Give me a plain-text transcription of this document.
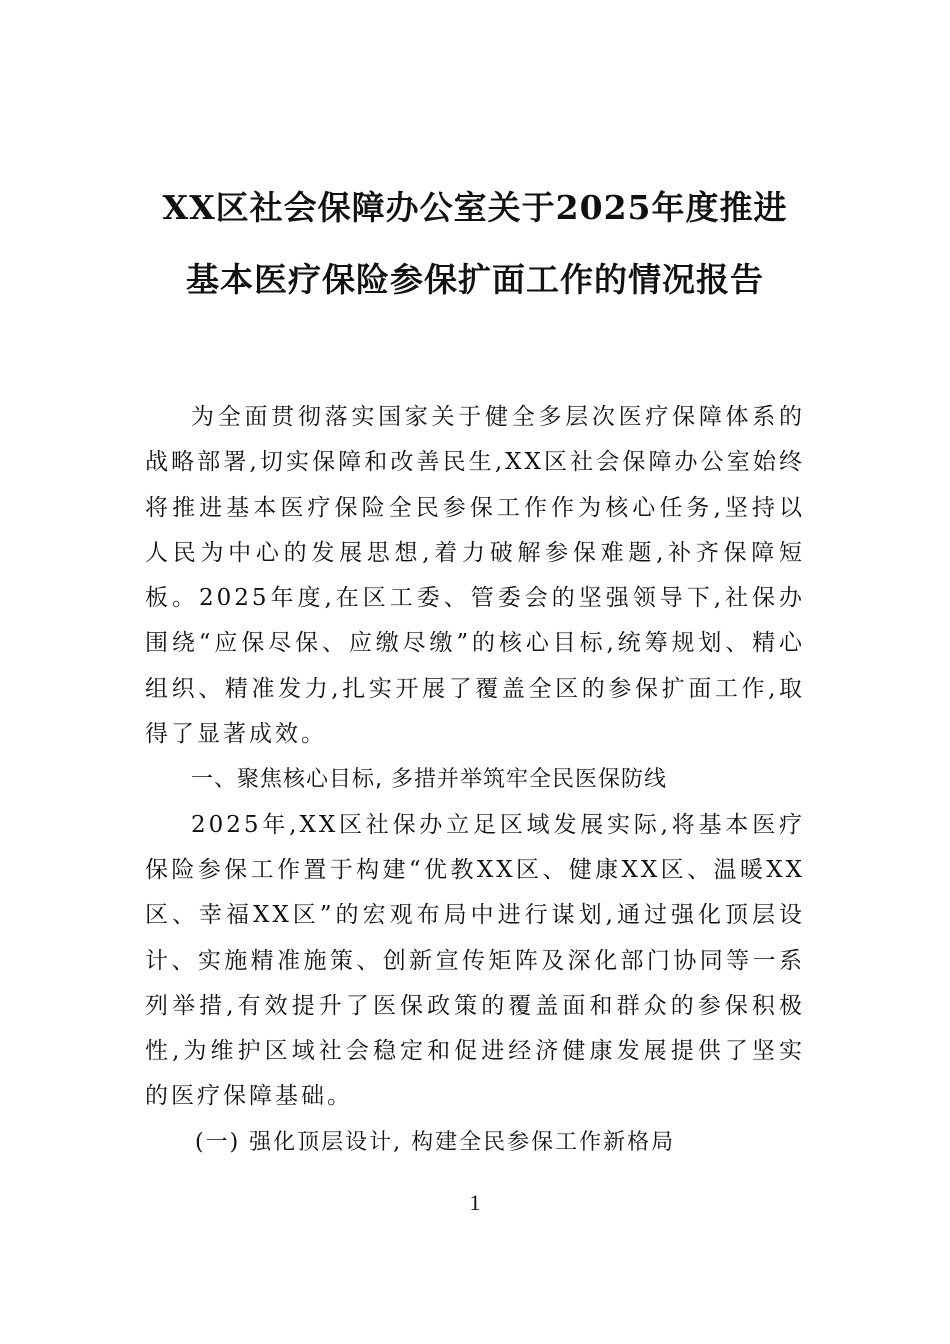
XX区社会保障办公室关于2025年度推进

基本医疗保险参保扩面工作的情况报告

为全面贯彻落实国家关于健全多层次医疗保障体系的战略部署,切实保障和改善民生,XX区社会保障办公室始终将推进基本医疗保险全民参保工作作为核心任务,坚持以人民为中心的发展思想,着力破解参保难题,补齐保障短板。2025年度,在区工委、管委会的坚强领导下,社保办围绕“应保尽保、应缴尽缴”的核心目标,统筹规划、精心组织、精准发力,扎实开展了覆盖全区的参保扩面工作,取得了显著成效。

一、聚焦核心目标, 多措并举筑牢全民医保防线

2025年,XX区社保办立足区域发展实际,将基本医疗保险参保工作置于构建“优教XX区、健康XX区、温暖XX区、幸福XX区”的宏观布局中进行谋划,通过强化顶层设计、实施精准施策、创新宣传矩阵及深化部门协同等一系列举措,有效提升了医保政策的覆盖面和群众的参保积极性,为维护区域社会稳定和促进经济健康发展提供了坚实的医疗保障基础。

(一) 强化顶层设计, 构建全民参保工作新格局

1
